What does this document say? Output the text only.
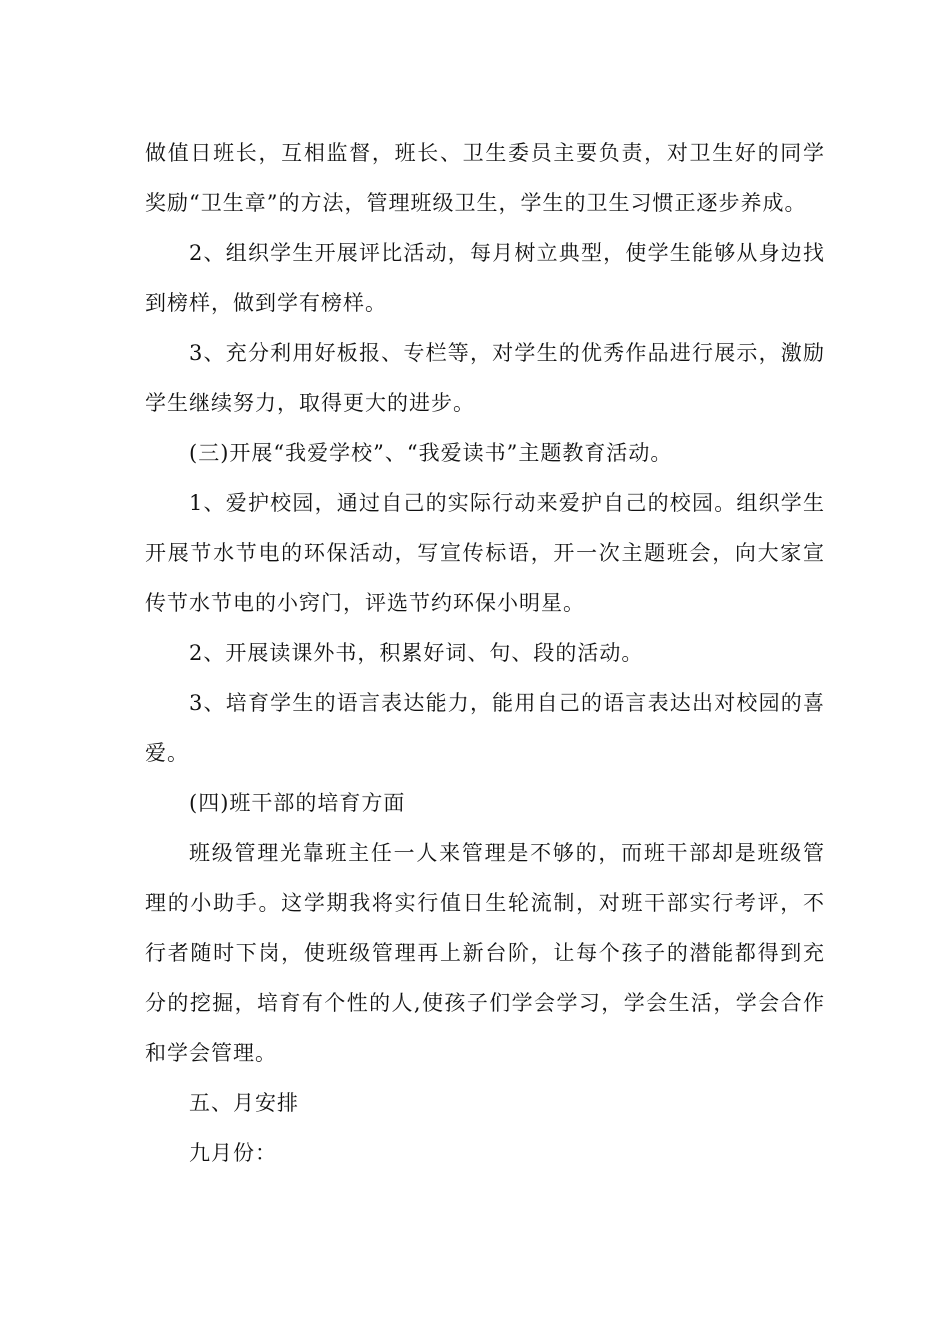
做值日班长，互相监督，班长、卫生委员主要负责，对卫生好的同学奖励“卫生章”的方法，管理班级卫生，学生的卫生习惯正逐步养成。

2、组织学生开展评比活动，每月树立典型，使学生能够从身边找到榜样，做到学有榜样。

3、充分利用好板报、专栏等，对学生的优秀作品进行展示，激励学生继续努力，取得更大的进步。

(三)开展“我爱学校”、“我爱读书”主题教育活动。

1、爱护校园，通过自己的实际行动来爱护自己的校园。组织学生开展节水节电的环保活动，写宣传标语，开一次主题班会，向大家宣传节水节电的小窍门，评选节约环保小明星。

2、开展读课外书，积累好词、句、段的活动。

3、培育学生的语言表达能力，能用自己的语言表达出对校园的喜爱。

(四)班干部的培育方面

班级管理光靠班主任一人来管理是不够的，而班干部却是班级管理的小助手。这学期我将实行值日生轮流制，对班干部实行考评，不行者随时下岗，使班级管理再上新台阶，让每个孩子的潜能都得到充分的挖掘，培育有个性的人,使孩子们学会学习，学会生活，学会合作和学会管理。

五、月安排

九月份：
